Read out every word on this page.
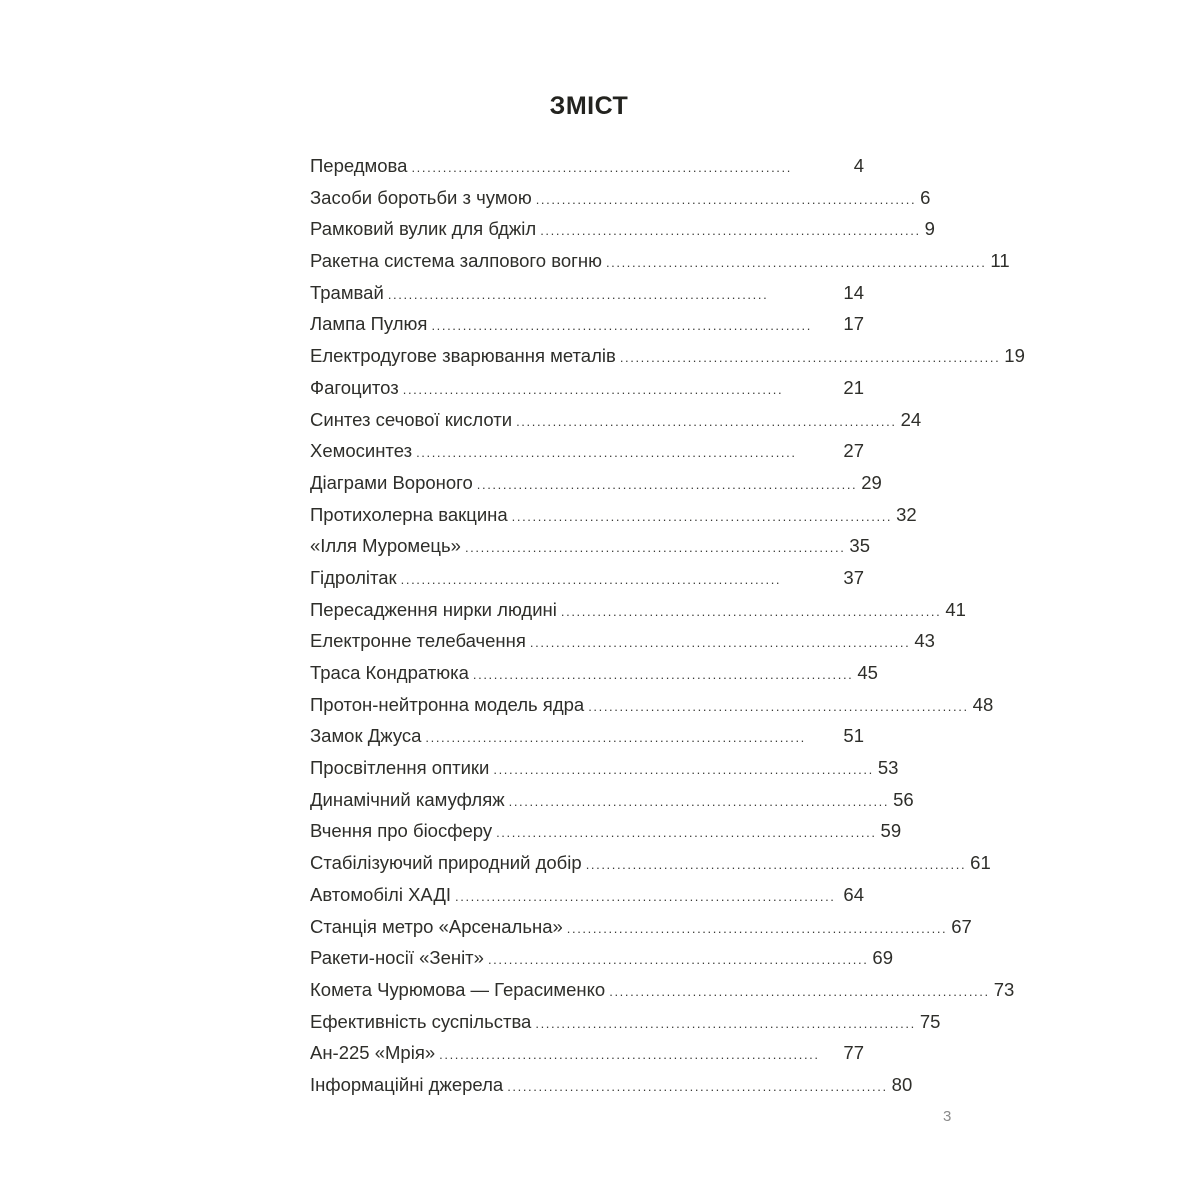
ЗМІСТ
Передмова .........................................................................	4
Засоби боротьби з чумою ......................................................................... 6
Рамковий вулик для бджіл ......................................................................... 9
Ракетна система залпового вогню ......................................................................... 11
Трамвай .........................................................................	14
Лампа Пулюя .........................................................................	17
Електродугове зварювання металів ......................................................................... 19
Фагоцитоз .........................................................................	21
Синтез сечової кислоти ......................................................................... 24
Хемосинтез .........................................................................	27
Діаграми Вороного ......................................................................... 29
Протихолерна вакцина ......................................................................... 32
«Ілля Муромець» ......................................................................... 35
Гідролітак .........................................................................	37
Пересадження нирки людині ......................................................................... 41
Електронне телебачення ......................................................................... 43
Траса Кондратюка ......................................................................... 45
Протон-нейтронна модель ядра ......................................................................... 48
Замок Джуса .........................................................................	51
Просвітлення оптики ......................................................................... 53
Динамічний камуфляж ......................................................................... 56
Вчення про біосферу ......................................................................... 59
Стабілізуючий природний добір ......................................................................... 61
Автомобілі ХАДІ ......................................................................... 64
Станція метро «Арсенальна» ......................................................................... 67
Ракети-носії «Зеніт» ......................................................................... 69
Комета Чурюмова — Герасименко ......................................................................... 73
Ефективність суспільства ......................................................................... 75
Ан-225 «Мрія» .........................................................................	77
Інформаційні джерела ......................................................................... 80
3
